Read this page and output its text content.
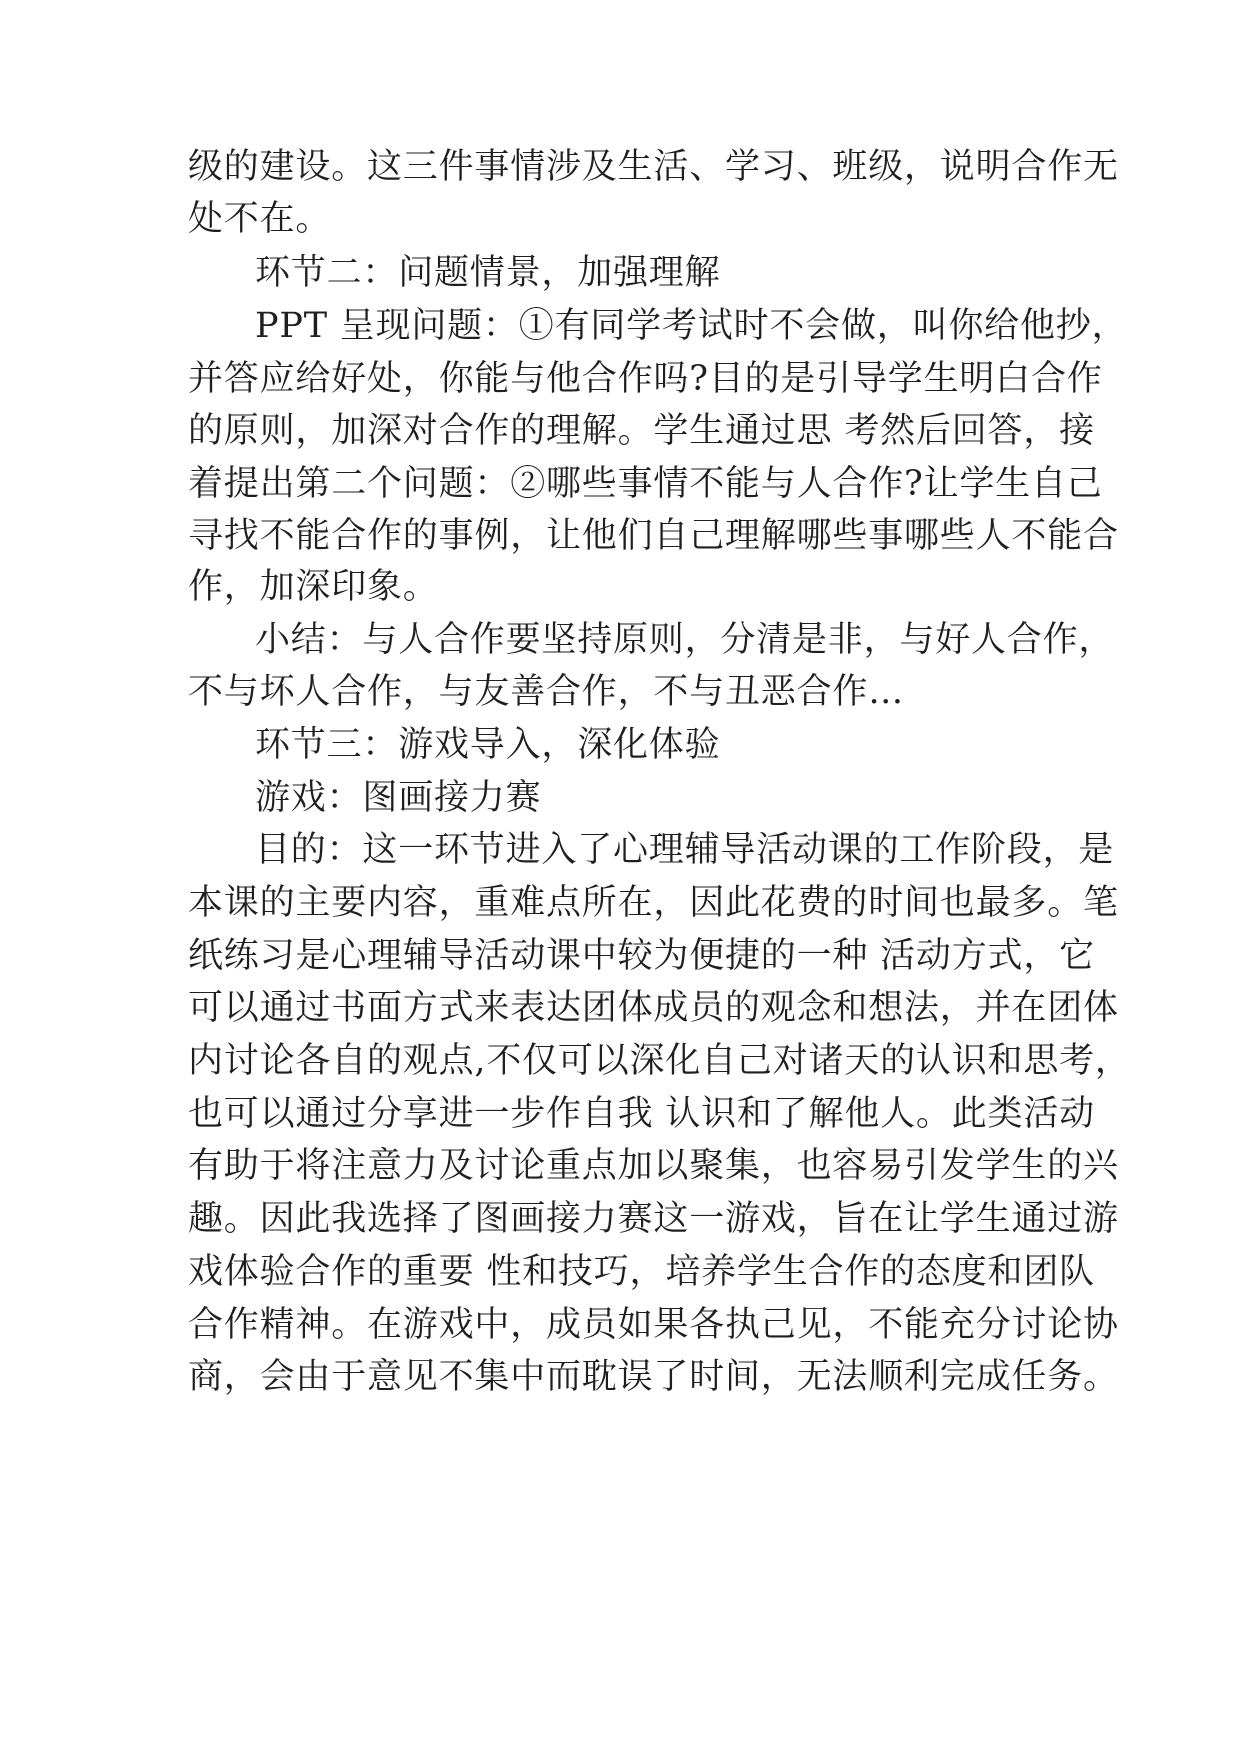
级的建设。这三件事情涉及生活、学习、班级，说明合作无
处不在。
环节二：问题情景，加强理解
PPT 呈现问题：①有同学考试时不会做，叫你给他抄，
并答应给好处，你能与他合作吗?目的是引导学生明白合作
的原则，加深对合作的理解。学生通过思 考然后回答，接
着提出第二个问题：②哪些事情不能与人合作?让学生自己
寻找不能合作的事例，让他们自己理解哪些事哪些人不能合
作，加深印象。
小结：与人合作要坚持原则，分清是非，与好人合作，
不与坏人合作，与友善合作，不与丑恶合作…
环节三：游戏导入，深化体验
游戏：图画接力赛
目的：这一环节进入了心理辅导活动课的工作阶段，是
本课的主要内容，重难点所在，因此花费的时间也最多。笔
纸练习是心理辅导活动课中较为便捷的一种 活动方式，它
可以通过书面方式来表达团体成员的观念和想法，并在团体
内讨论各自的观点,不仅可以深化自己对诸天的认识和思考，
也可以通过分享进一步作自我 认识和了解他人。此类活动
有助于将注意力及讨论重点加以聚集，也容易引发学生的兴
趣。因此我选择了图画接力赛这一游戏，旨在让学生通过游
戏体验合作的重要 性和技巧，培养学生合作的态度和团队
合作精神。在游戏中，成员如果各执己见，不能充分讨论协
商，会由于意见不集中而耽误了时间，无法顺利完成任务。
